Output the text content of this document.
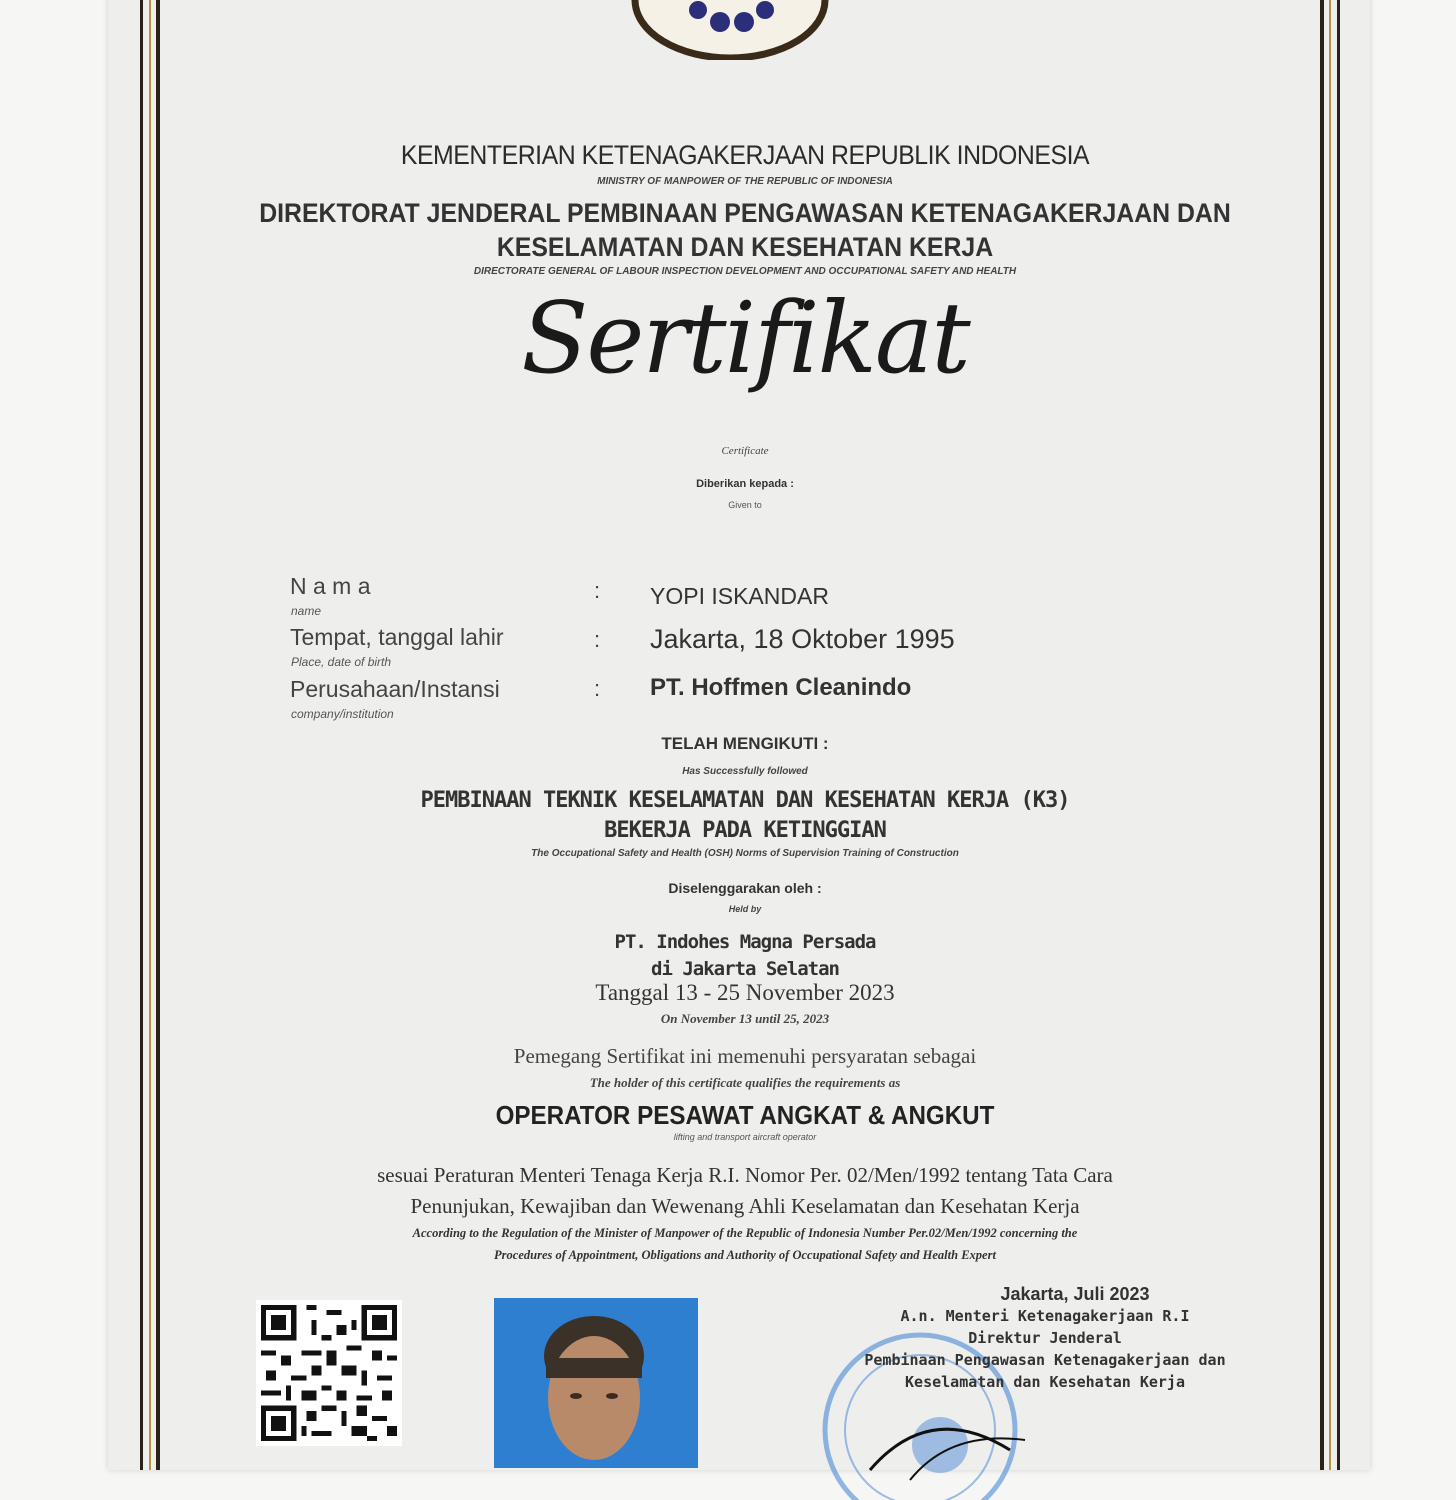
KEMENTERIAN KETENAGAKERJAAN REPUBLIK INDONESIA
MINISTRY OF MANPOWER OF THE REPUBLIC OF INDONESIA
DIREKTORAT JENDERAL PEMBINAAN PENGAWASAN KETENAGAKERJAAN DAN
KESELAMATAN DAN KESEHATAN KERJA
DIRECTORATE GENERAL OF LABOUR INSPECTION DEVELOPMENT AND OCCUPATIONAL SAFETY AND HEALTH
Sertifikat
Certificate
Diberikan kepada :
Given to
N a m a
name
: YOPI ISKANDAR
Tempat, tanggal lahir
Place, date of birth
: Jakarta, 18 Oktober 1995
Perusahaan/Instansi
company/institution
: PT. Hoffmen Cleanindo
TELAH MENGIKUTI :
Has Successfully followed
PEMBINAAN TEKNIK KESELAMATAN DAN KESEHATAN KERJA (K3)
BEKERJA PADA KETINGGIAN
The Occupational Safety and Health (OSH) Norms of Supervision Training of Construction
Diselenggarakan oleh :
Held by
PT. Indohes Magna Persada
di Jakarta Selatan
Tanggal 13 - 25 November 2023
On November 13 until 25, 2023
Pemegang Sertifikat ini memenuhi persyaratan sebagai
The holder of this certificate qualifies the requirements as
OPERATOR PESAWAT ANGKAT & ANGKUT
lifting and transport aircraft operator
sesuai Peraturan Menteri Tenaga Kerja R.I. Nomor Per. 02/Men/1992 tentang Tata Cara
Penunjukan, Kewajiban dan Wewenang Ahli Keselamatan dan Kesehatan Kerja
According to the Regulation of the Minister of Manpower of the Republic of Indonesia Number Per.02/Men/1992 concerning the
Procedures of Appointment, Obligations and Authority of Occupational Safety and Health Expert
Jakarta, Juli 2023
A.n. Menteri Ketenagakerjaan R.I
Direktur Jenderal
Pembinaan Pengawasan Ketenagakerjaan dan
Keselamatan dan Kesehatan Kerja
